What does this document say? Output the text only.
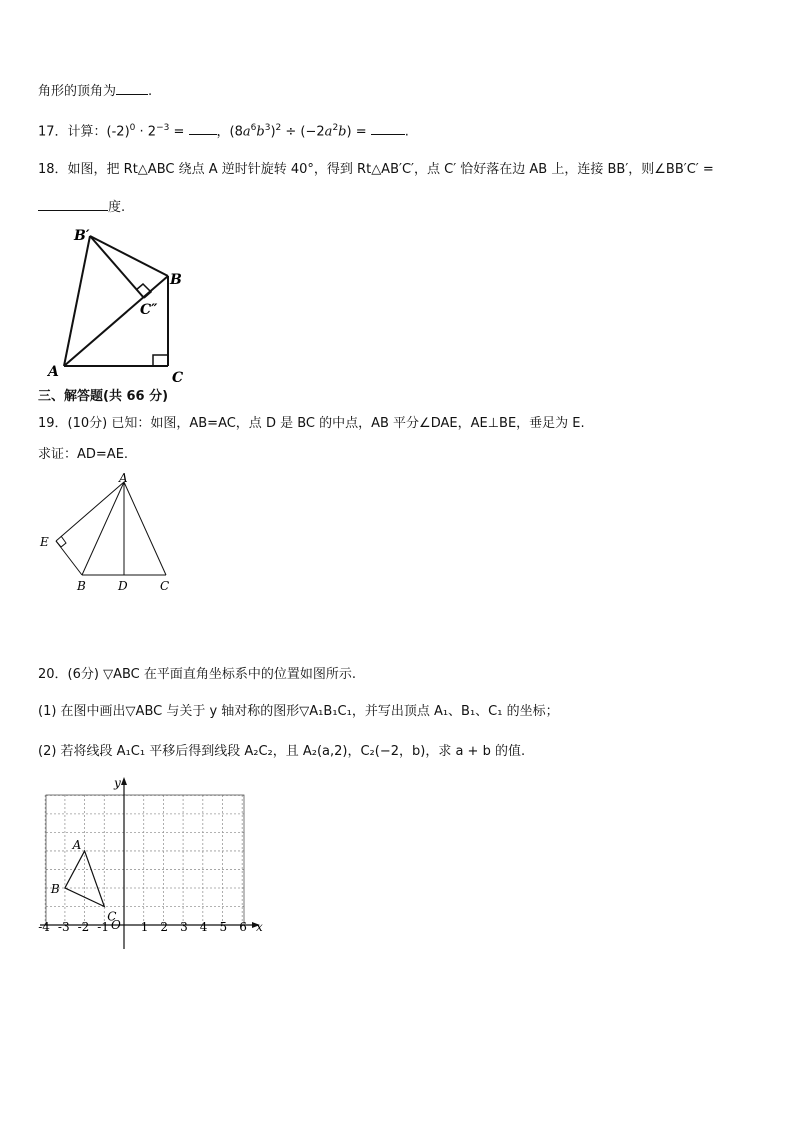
角形的顶角为 .
17．计算：$(-2)^0 \cdot 2^{-3}$ = ，$(8a^6b^3)^2 \div (-2a^2b)$ =	.
18．如图，把 Rt△ABC 绕点 A 逆时针旋转 40°，得到 Rt△AB′C′，点 C′ 恰好落在边 AB 上，连接 BB′，则∠BB′C′ =
度.
B′
B
C″
A	C
三、解答题(共 66 分)
19．(10分) 已知：如图，AB=AC，点 D 是 BC 的中点，AB 平分∠DAE，AE⊥BE，垂足为 E.
求证：AD=AE.
A
E
B	D	C
20．(6分) ▽ABC 在平面直角坐标系中的位置如图所示.
(1) 在图中画出▽ABC 与关于 y 轴对称的图形▽A₁B₁C₁，并写出顶点 A₁、B₁、C₁ 的坐标；
(2) 若将线段 A₁C₁ 平移后得到线段 A₂C₂，且 A₂(a,2)，C₂(−2，b)，求 a + b 的值.
-4 -3 -2 -1	1 2 3 4 5 6 x
y
O
A
B
C
